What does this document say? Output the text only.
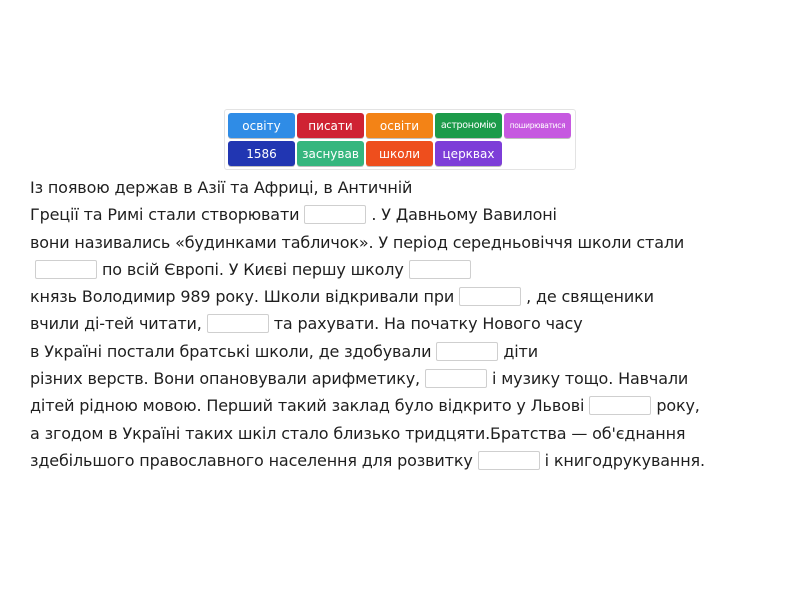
освіту	писати	освіти	астрономію	поширюватися
1586	заснував	школи	церквах
Із появою держав в Азії та Африці, в Античній
Греції та Римі стали створювати	. У Давньому Вавилоні
вони називались «будинками табличок». У період середньовіччя школи стали
по всій Європі. У Києві першу школу
князь Володимир 989 року. Школи відкривали при	, де священики
вчили ді-тей читати,	та рахувати. На початку Нового часу
в Україні постали братські школи, де здобували	діти
різних верств. Вони опановували арифметику,	і музику тощо. Навчали
дітей рідною мовою. Перший такий заклад було відкрито у Львові	року,
а згодом в Україні таких шкіл стало близько тридцяти.Братства — об'єднання
здебільшого православного населення для розвитку	і книгодрукування.
